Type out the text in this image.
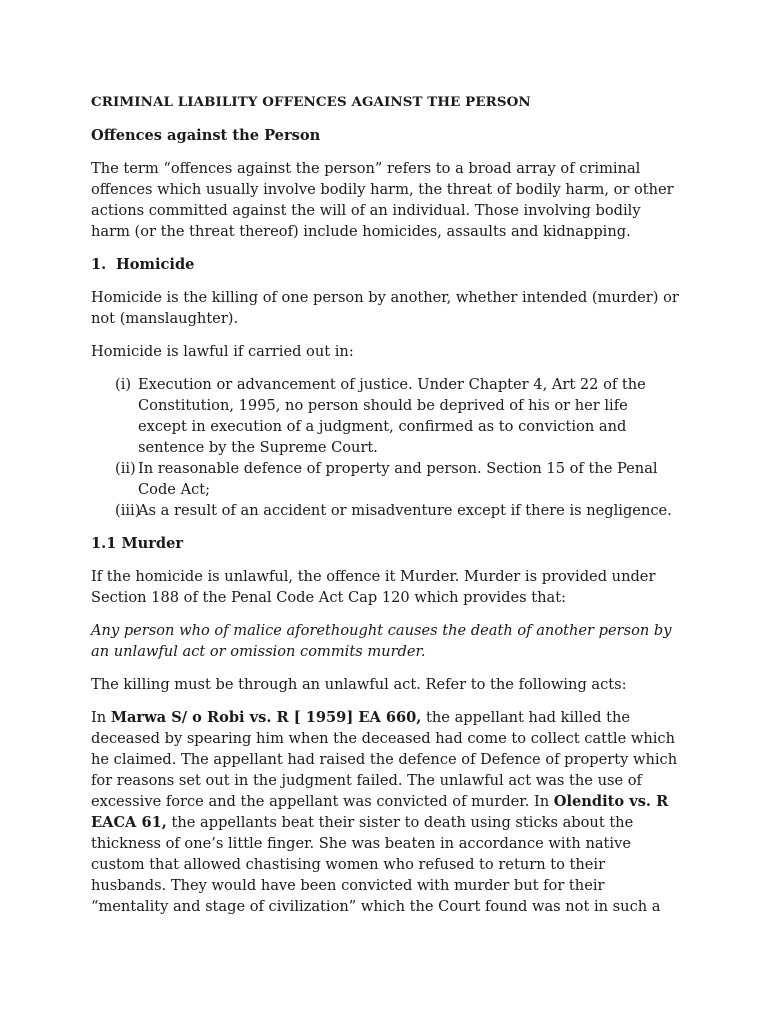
CRIMINAL LIABILITY OFFENCES AGAINST THE PERSON
Offences against the Person

The term “offences against the person” refers to a broad array of criminal offences which usually involve bodily harm, the threat of bodily harm, or other actions committed against the will of an individual. Those involving bodily harm (or the threat thereof) include homicides, assaults and kidnapping.

1. Homicide

Homicide is the killing of one person by another, whether intended (murder) or not (manslaughter).

Homicide is lawful if carried out in:

(i) Execution or advancement of justice. Under Chapter 4, Art 22 of the Constitution, 1995, no person should be deprived of his or her life except in execution of a judgment, confirmed as to conviction and sentence by the Supreme Court.
(ii) In reasonable defence of property and person. Section 15 of the Penal Code Act;
(iii)
As a result of an accident or misadventure except if there is negligence.
1.1 Murder

If the homicide is unlawful, the offence it Murder. Murder is provided under Section 188 of the Penal Code Act Cap 120 which provides that:

Any person who of malice aforethought causes the death of another person by an unlawful act or omission commits murder.

The killing must be through an unlawful act. Refer to the following acts:

In Marwa S/ o Robi vs. R [ 1959] EA 660, the appellant had killed the deceased by spearing him when the deceased had come to collect cattle which he claimed. The appellant had raised the defence of Defence of property which for reasons set out in the judgment failed. The unlawful act was the use of excessive force and the appellant was convicted of murder. In Olendito vs. R EACA 61, the appellants beat their sister to death using sticks about the thickness of one’s little finger. She was beaten in accordance with native custom that allowed chastising women who refused to return to their husbands. They would have been convicted with murder but for their “mentality and stage of civilization” which the Court found was not in such a
